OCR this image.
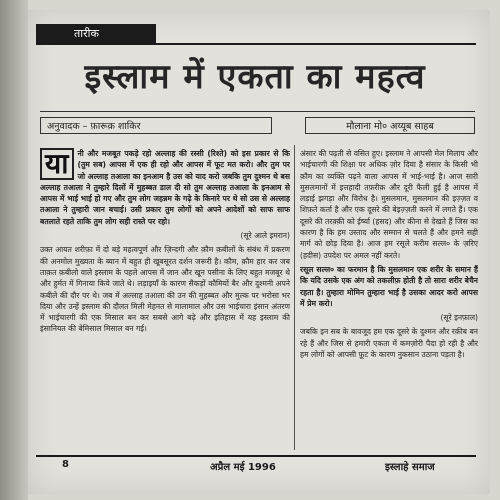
तारीक
इस्लाम में एकता का महत्व
अनुवादक – फ़ारूक़ शाकिर	मौलाना मो० अय्यूब साहब
या	नी और मजबूत पकड़े रहो अल्लाह की रस्सी (रिश्ते) को इस प्रकार से कि (तुम सब) आपस में एक ही रहो और आपस में फूट मत करो। और तुम पर जो अल्लाह तआला का इनआम है उस को याद करो जबकि तुम दुश्मन थे बस अल्लाह तआला ने तुम्हारे दिलों में मुहब्बत डाल दी सो तुम अल्लाह तआला के इनआम से आपस में भाई भाई हो गए और तुम लोग जहन्नम के गढ़े के किनारे पर थे सो उस से अल्लाह तआला ने तुम्हारी जान बचाई। उसी प्रकार तुम लोगों को अपने आदेशों को साफ साफ बतलाते रहते ताकि तुम लोग सही रास्ते पर रहो।

(सूरे आले इमरान)

उक्त आयत शरीफ़ा में दो बड़े महत्वपूर्ण और ज़िन्दगी और क़ौम क़बीलों के संबंध में प्रकरण की अनमोल मुख्यता के ब्यान में बहुत ही खूबसूरत दर्शन जरूरी है। कौम, क़ौम हार कर जब ताक़त क़बीलो वाले इस्लाम के पहले आपस में जान और खून पसीना के लिए बहुत मजबूर थे और हुर्मत में गिनाया किये जाते थे। लड़ाइयाँ के कारण सैकड़ों कौमियों बैर और दुश्मनी अपने कबीले की दौर पर थे। जब में अल्लाह तआला की उन की मुहब्बत और मुल्क पर भरोसा भर दिया और उन्हें इस्लाम की दौलत मिली मेहनत से मालामाल और उस भाईचारा इंसान अंतरण में भाईचारगी की एक मिसाल बन कर सबसे आगे बढ़े और इतिहास में यह इस्लाम की इंसानियत की बेमिसाल मिसाल बन गई।

अंसार की पढ़ती से वसित हुए। इस्लाम ने आपसी मेल मिलाप और भाईचारगी की शिक्षा पर अधिक ज़ोर दिया है संसार के किसी भी क़ौम का व्यक्ति पढ़ने वाला आपस में भाई-भाई है। आज सारी मुसलमानों में इत्तहादी तफ़रीक़ और दूरी फैली हुई है आपस में लड़ाई झगड़ा और विरोध है। मुसलमान, मुसलमान की इज़्ज़त व शिफ़ते कर्ता है और एक दूसरे की बेइज़्ज़ती करने में लगते हैं। एक दूसरे की तरक़्क़ी को ईर्ष्या (हसद) और कीना से देखते हैं जिस का कारण है कि हम उस्ताद और सम्मान से चलते हैं और हमने सही मार्ग को छोड़ दिया है। आज हम रसूले करीम सल्ल० के ज़रिए (हदीस) उपदेश पर अमल नहीं करते।

रसूल सल्ल० का फरमान है कि मुसलमान एक शरीर के समान हैं कि यदि उसके एक अंग को तकलीफ़ होती है तो सारा शरीर बेचैन रहता है। तुम्हारा मोमिन तुम्हारा भाई है उसका आदर करो आपस में प्रेम करो।

(सूरे इनफ़ाल)

जबकि इन सब के बावजूद हम एक दूसरे के दुश्मन और रक़ीब बन रहे हैं और जिस से हमारी एकता में कमज़ोरी पैदा हो रही है और हम लोगों को आपसी फ़ूट के कारण नुकसान उठाना पड़ता है।

8	अप्रैल मई 1996	इस्लाहे समाज
